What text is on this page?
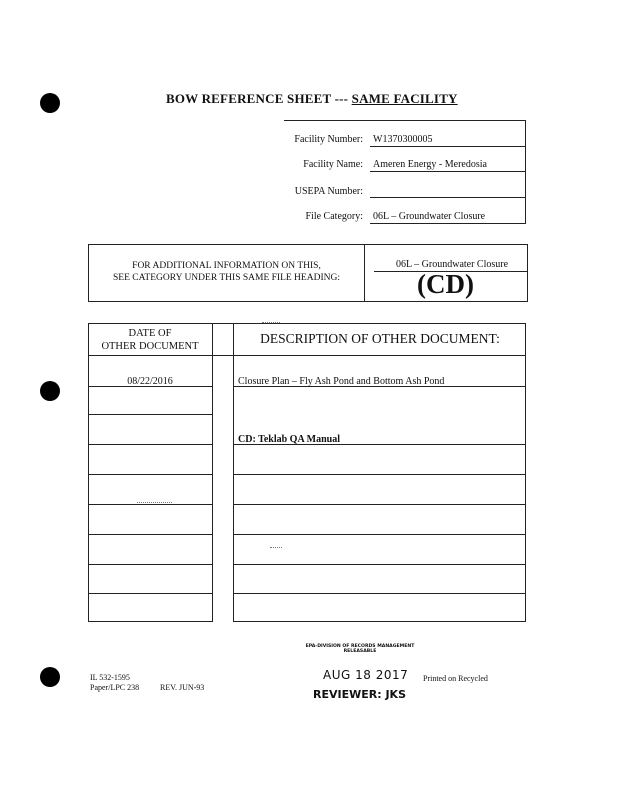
BOW REFERENCE SHEET --- SAME FACILITY
Facility Number: W1370300005
Facility Name: Ameren Energy - Meredosia
USEPA Number:
File Category: 06L – Groundwater Closure
FOR ADDITIONAL INFORMATION ON THIS,
SEE CATEGORY UNDER THIS SAME FILE HEADING:
06L – Groundwater Closure
(CD)
DATE OF
OTHER DOCUMENT
DESCRIPTION OF OTHER DOCUMENT:
08/22/2016	Closure Plan – Fly Ash Pond and Bottom Ash Pond
CD: Teklab QA Manual
IL 532-1595
Paper/LPC 238	REV. JUN-93
EPA-DIVISION OF RECORDS MANAGEMENT
RELEASABLE
AUG 18 2017
REVIEWER: JKS
Printed on Recycled
